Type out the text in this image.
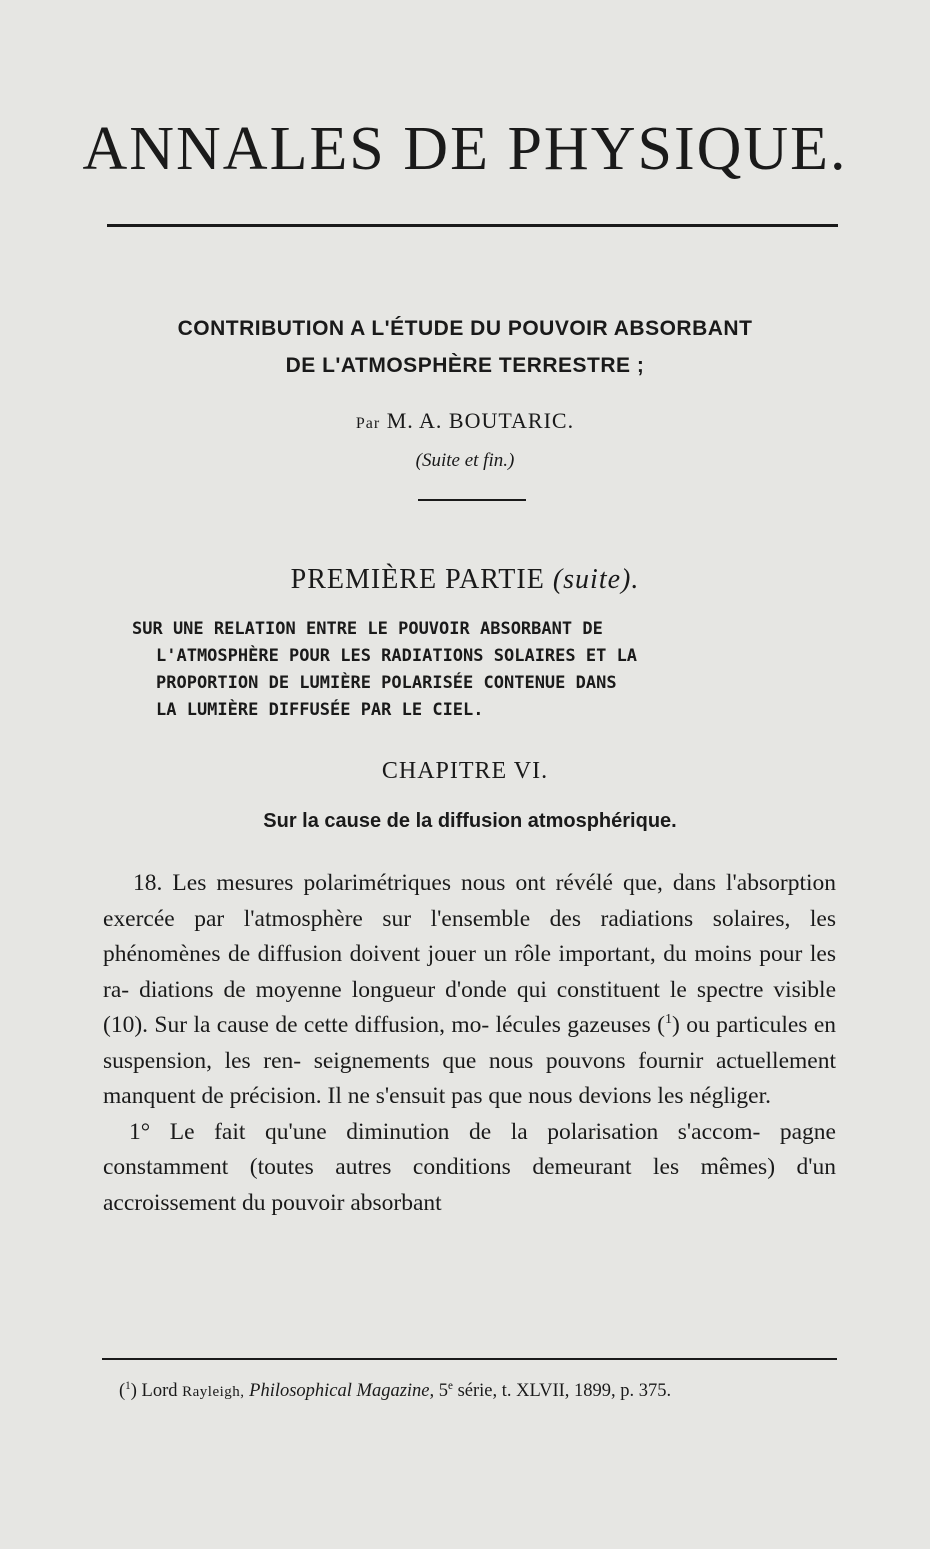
ANNALES DE PHYSIQUE.
CONTRIBUTION A L'ÉTUDE DU POUVOIR ABSORBANT
DE L'ATMOSPHÈRE TERRESTRE ;
Par M. A. BOUTARIC.
(Suite et fin.)
PREMIÈRE PARTIE (suite).
SUR UNE RELATION ENTRE LE POUVOIR ABSORBANT DE
L'ATMOSPHÈRE POUR LES RADIATIONS SOLAIRES ET LA
PROPORTION DE LUMIÈRE POLARISÉE CONTENUE DANS
LA LUMIÈRE DIFFUSÉE PAR LE CIEL.
CHAPITRE VI.
Sur la cause de la diffusion atmosphérique.

18. Les mesures polarimétriques nous ont révélé que, dans l'absorption exercée par l'atmosphère sur l'ensemble des radiations solaires, les phénomènes de diffusion doivent jouer un rôle important, du moins pour les ra- diations de moyenne longueur d'onde qui constituent le spectre visible (10). Sur la cause de cette diffusion, mo- lécules gazeuses ($^1$) ou particules en suspension, les ren- seignements que nous pouvons fournir actuellement manquent de précision. Il ne s'ensuit pas que nous devions les négliger.

1° Le fait qu'une diminution de la polarisation s'accom- pagne constamment (toutes autres conditions demeurant les mêmes) d'un accroissement du pouvoir absorbant

($^1$) Lord Rayleigh, Philosophical Magazine, 5e série, t. XLVII, 1899, p. 375.
